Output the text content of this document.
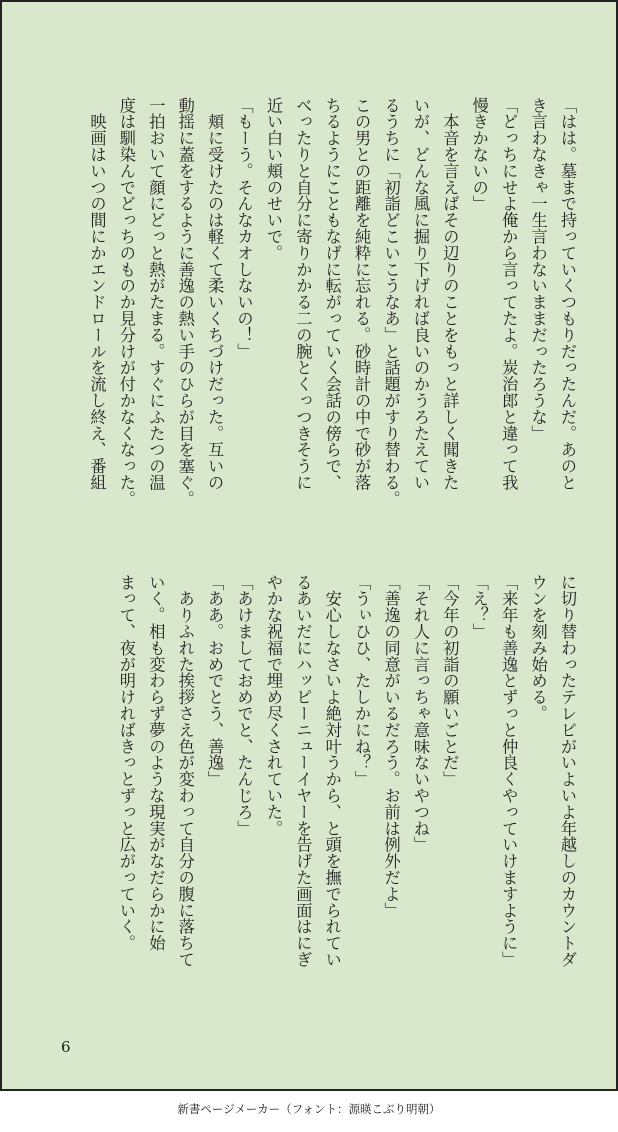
「はは。墓まで持っていくつもりだったんだ。あのと

き言わなきゃ一生言わないままだったろうな」

「どっちにせよ俺から言ってたよ。炭治郎と違って我

慢きかないの」

　本音を言えばその辺りのことをもっと詳しく聞きた

いが、どんな風に掘り下げれば良いのかうろたえてい

るうちに「初詣どこいこうなあ」と話題がすり替わる。

この男との距離を純粋に忘れる。砂時計の中で砂が落

ちるようにこともなげに転がっていく会話の傍らで、

べったりと自分に寄りかかる二の腕とくっつきそうに

近い白い頬のせいで。

「もーう。そんなカオしないの！」

　頬に受けたのは軽くて柔いくちづけだった。互いの

動揺に蓋をするように善逸の熱い手のひらが目を塞ぐ。

一拍おいて顔にどっと熱がたまる。すぐにふたつの温

度は馴染んでどっちのものか見分けが付かなくなった。

　映画はいつの間にかエンドロールを流し終え、番組

に切り替わったテレビがいよいよ年越しのカウントダ

ウンを刻み始める。

「来年も善逸とずっと仲良くやっていけますように」

「え？」

「今年の初詣の願いごとだ」

「それ人に言っちゃ意味ないやつね」

「善逸の同意がいるだろう。お前は例外だよ」

「うぃひひ、たしかにね？」

　安心しなさいよ絶対叶うから、と頭を撫でられてい

るあいだにハッピーニューイヤーを告げた画面はにぎ

やかな祝福で埋め尽くされていた。

「あけましておめでと、たんじろ」

「ああ。おめでとう、善逸」

　ありふれた挨拶さえ色が変わって自分の腹に落ちて

いく。相も変わらず夢のような現実がなだらかに始

まって、夜が明ければきっとずっと広がっていく。

6
新書ページメーカー（フォント：源暎こぶり明朝）
